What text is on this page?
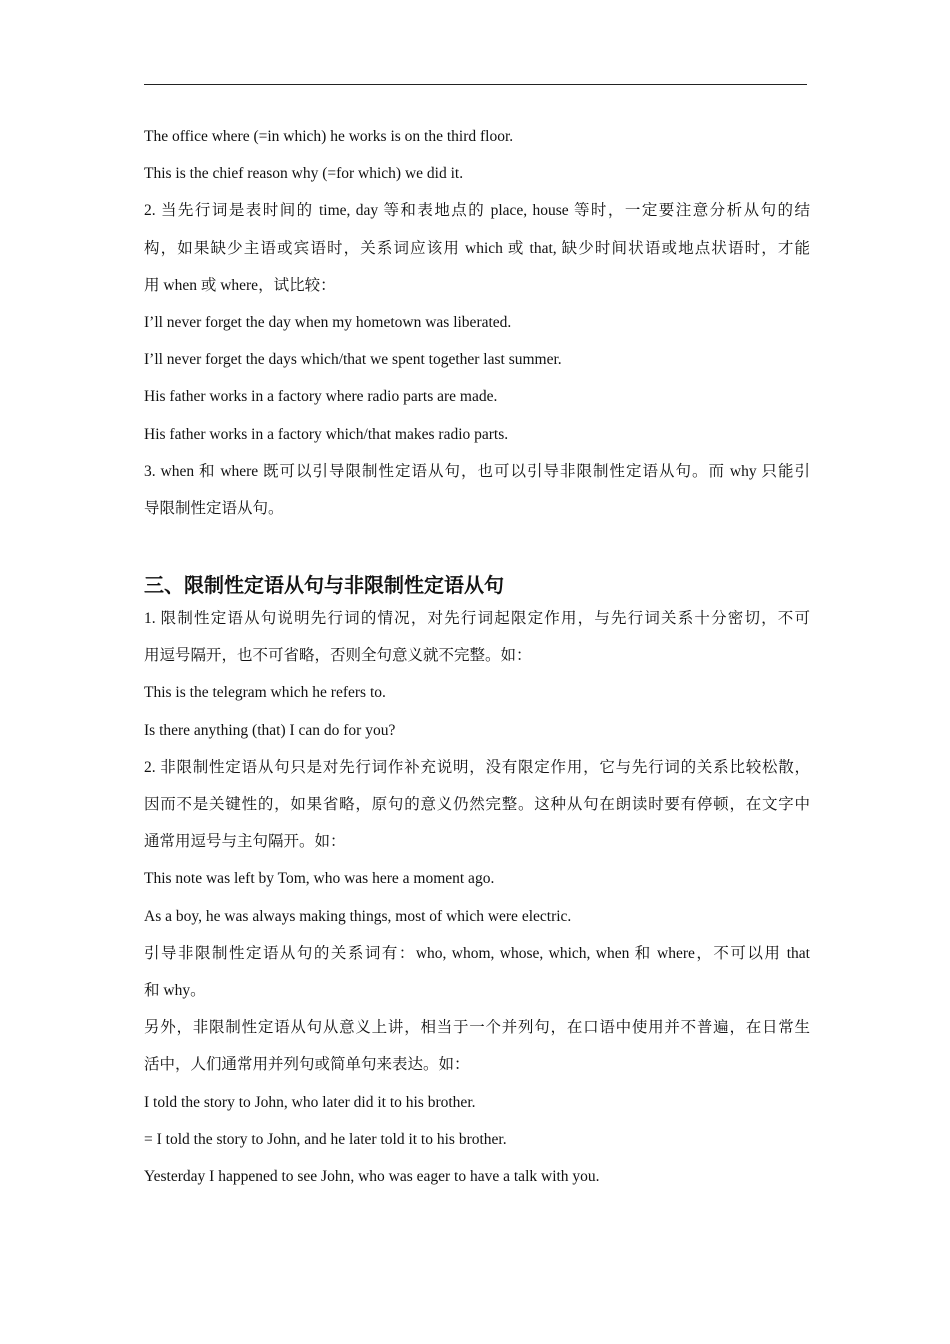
The office where (=in which) he works is on the third floor.
This is the chief reason why (=for which) we did it.
2. 当先行词是表时间的 time, day 等和表地点的 place, house 等时，一定要注意分析从句的结
构，如果缺少主语或宾语时，关系词应该用 which 或 that, 缺少时间状语或地点状语时，才能
用 when 或 where，试比较：
I’ll never forget the day when my hometown was liberated.
I’ll never forget the days which/that we spent together last summer.
His father works in a factory where radio parts are made.
His father works in a factory which/that makes radio parts.
3. when 和 where 既可以引导限制性定语从句，也可以引导非限制性定语从句。而 why 只能引
导限制性定语从句。
三、限制性定语从句与非限制性定语从句
1. 限制性定语从句说明先行词的情况，对先行词起限定作用，与先行词关系十分密切，不可
用逗号隔开，也不可省略，否则全句意义就不完整。如：
This is the telegram which he refers to.
Is there anything (that) I can do for you?
2. 非限制性定语从句只是对先行词作补充说明，没有限定作用，它与先行词的关系比较松散，
因而不是关键性的，如果省略，原句的意义仍然完整。这种从句在朗读时要有停顿，在文字中
通常用逗号与主句隔开。如：
This note was left by Tom, who was here a moment ago.
As a boy, he was always making things, most of which were electric.
引导非限制性定语从句的关系词有：who, whom, whose, which, when 和 where，不可以用 that
和 why。
另外，非限制性定语从句从意义上讲，相当于一个并列句，在口语中使用并不普遍，在日常生
活中，人们通常用并列句或简单句来表达。如：
I told the story to John, who later did it to his brother.
= I told the story to John, and he later told it to his brother.
Yesterday I happened to see John, who was eager to have a talk with you.
